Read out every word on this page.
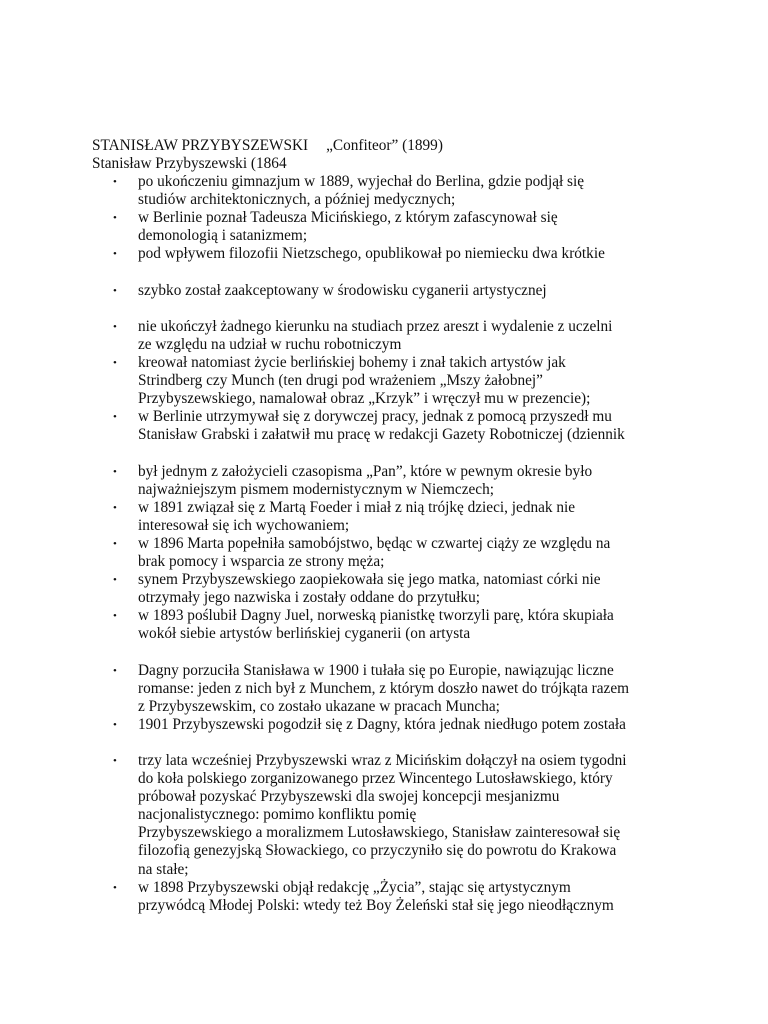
STANISŁAW PRZYBYSZEWSKI „Confiteor” (1899)
Stanisław Przybyszewski (1864
• po ukończeniu gimnazjum w 1889, wyjechał do Berlina, gdzie podjął się
studiów architektonicznych, a później medycznych;
• w Berlinie poznał Tadeusza Micińskiego, z którym zafascynował się
demonologią i satanizmem;
• pod wpływem filozofii Nietzschego, opublikował po niemiecku dwa krótkie
• szybko został zaakceptowany w środowisku cyganerii artystycznej
• nie ukończył żadnego kierunku na studiach przez areszt i wydalenie z uczelni
ze względu na udział w ruchu robotniczym
• kreował natomiast życie berlińskiej bohemy i znał takich artystów jak
Strindberg czy Munch (ten drugi pod wrażeniem „Mszy żałobnej”
Przybyszewskiego, namalował obraz „Krzyk” i wręczył mu w prezencie);
• w Berlinie utrzymywał się z dorywczej pracy, jednak z pomocą przyszedł mu
Stanisław Grabski i załatwił mu pracę w redakcji Gazety Robotniczej (dziennik
• był jednym z założycieli czasopisma „Pan”, które w pewnym okresie było
najważniejszym pismem modernistycznym w Niemczech;
• w 1891 związał się z Martą Foeder i miał z nią trójkę dzieci, jednak nie
interesował się ich wychowaniem;
• w 1896 Marta popełniła samobójstwo, będąc w czwartej ciąży ze względu na
brak pomocy i wsparcia ze strony męża;
• synem Przybyszewskiego zaopiekowała się jego matka, natomiast córki nie
otrzymały jego nazwiska i zostały oddane do przytułku;
• w 1893 poślubił Dagny Juel, norweską pianistkę tworzyli parę, która skupiała
wokół siebie artystów berlińskiej cyganerii (on artysta
• Dagny porzuciła Stanisława w 1900 i tułała się po Europie, nawiązując liczne
romanse: jeden z nich był z Munchem, z którym doszło nawet do trójkąta razem
z Przybyszewskim, co zostało ukazane w pracach Muncha;
• 1901 Przybyszewski pogodził się z Dagny, która jednak niedługo potem została
• trzy lata wcześniej Przybyszewski wraz z Micińskim dołączył na osiem tygodni
do koła polskiego zorganizowanego przez Wincentego Lutosławskiego, który
próbował pozyskać Przybyszewski dla swojej koncepcji mesjanizmu
nacjonalistycznego: pomimo konfliktu pomię
Przybyszewskiego a moralizmem Lutosławskiego, Stanisław zainteresował się
filozofią genezyjską Słowackiego, co przyczyniło się do powrotu do Krakowa
na stałe;
• w 1898 Przybyszewski objął redakcję „Życia”, stając się artystycznym
przywódcą Młodej Polski: wtedy też Boy Żeleński stał się jego nieodłącznym
